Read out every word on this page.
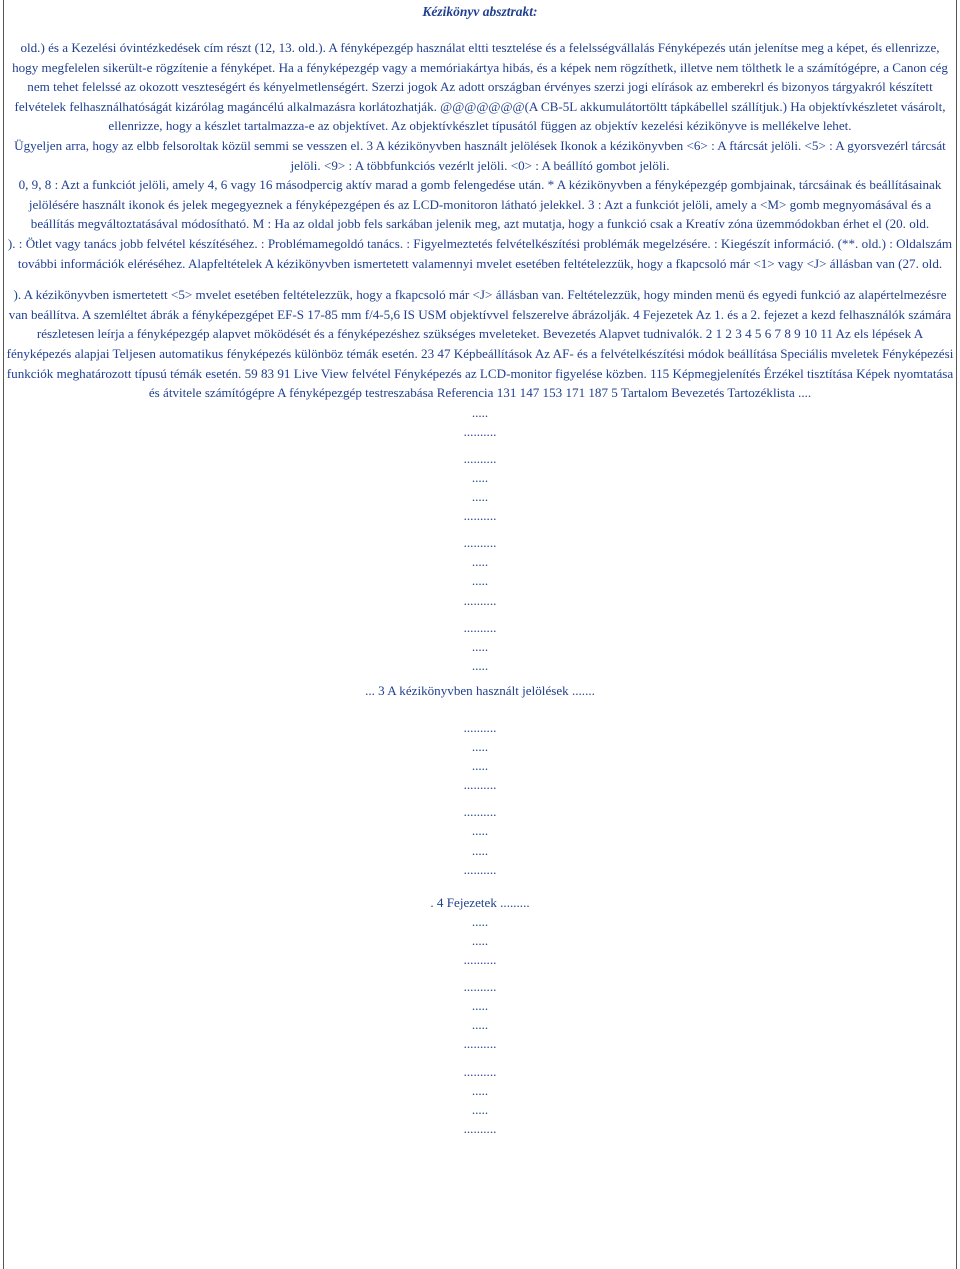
Kézikönyv absztrakt:

old.) és a Kezelési óvintézkedések cím részt (12, 13. old.). A fényképezgép használat eltti tesztelése és a felelsségvállalás Fényképezés után jelenítse meg a képet, és ellenrizze, hogy megfelelen sikerült-e rögzítenie a fényképet. Ha a fényképezgép vagy a memóriakártya hibás, és a képek nem rögzíthetk, illetve nem tölthetk le a számítógépre, a Canon cég nem tehet felelssé az okozott veszteségért és kényelmetlenségért. Szerzi jogok Az adott országban érvényes szerzi jogi elírások az emberekrl és bizonyos tárgyakról készített felvételek felhasználhatóságát kizárólag magáncélú alkalmazásra korlátozhatják. @@@@@@@(A CB-5L akkumulátortöltt tápkábellel szállítjuk.) Ha objektívkészletet vásárolt, ellenrizze, hogy a készlet tartalmazza-e az objektívet. Az objektívkészlet típusától függen az objektív kezelési kézikönyve is mellékelve lehet.

Ügyeljen arra, hogy az elbb felsoroltak közül semmi se vesszen el. 3 A kézikönyvben használt jelölések Ikonok a kézikönyvben <6> : A ftárcsát jelöli. <5> : A gyorsvezérl tárcsát jelöli. <9> : A többfunkciós vezérlt jelöli. <0> : A beállító gombot jelöli.

0, 9, 8 : Azt a funkciót jelöli, amely 4, 6 vagy 16 másodpercig aktív marad a gomb felengedése után. * A kézikönyvben a fényképezgép gombjainak, tárcsáinak és beállításainak jelölésére használt ikonok és jelek megegyeznek a fényképezgépen és az LCD-monitoron látható jelekkel. 3 : Azt a funkciót jelöli, amely a <M> gomb megnyomásával és a beállítás megváltoztatásával módosítható. M : Ha az oldal jobb fels sarkában jelenik meg, azt mutatja, hogy a funkció csak a Kreatív zóna üzemmódokban érhet el (20. old.

). : Ötlet vagy tanács jobb felvétel készítéséhez. : Problémamegoldó tanács. : Figyelmeztetés felvételkészítési problémák megelzésére. : Kiegészít információ. (**. old.) : Oldalszám további információk eléréséhez. Alapfeltételek A kézikönyvben ismertetett valamennyi mvelet esetében feltételezzük, hogy a fkapcsoló már <1> vagy <J> állásban van (27. old.

). A kézikönyvben ismertetett <5> mvelet esetében feltételezzük, hogy a fkapcsoló már <J> állásban van. Feltételezzük, hogy minden menü és egyedi funkció az alapértelmezésre van beállítva. A szemléltet ábrák a fényképezgépet EF-S 17-85 mm f/4-5,6 IS USM objektívvel felszerelve ábrázolják. 4 Fejezetek Az 1. és a 2. fejezet a kezd felhasználók számára részletesen leírja a fényképezgép alapvet möködését és a fényképezéshez szükséges mveleteket. Bevezetés Alapvet tudnivalók. 2 1 2 3 4 5 6 7 8 9 10 11 Az els lépések A fényképezés alapjai Teljesen automatikus fényképezés különböz témák esetén. 23 47 Képbeállítások Az AF- és a felvételkészítési módok beállítása Speciális mveletek Fényképezési funkciók meghatározott típusú témák esetén. 59 83 91 Live View felvétel Fényképezés az LCD-monitor figyelése közben. 115 Képmegjelenítés Érzékel tisztítása Képek nyomtatása és átvitele számítógépre A fényképezgép testreszabása Referencia 131 147 153 171 187 5 Tartalom Bevezetés Tartozéklista ....

.....
..........
..........
.....
.....
..........
..........
.....
.....
..........
..........
.....
.....
... 3 A kézikönyvben használt jelölések .......
..........
.....
.....
..........
..........
.....
.....
..........
. 4 Fejezetek .........
.....
.....
..........
..........
.....
.....
..........
..........
.....
.....
..........
